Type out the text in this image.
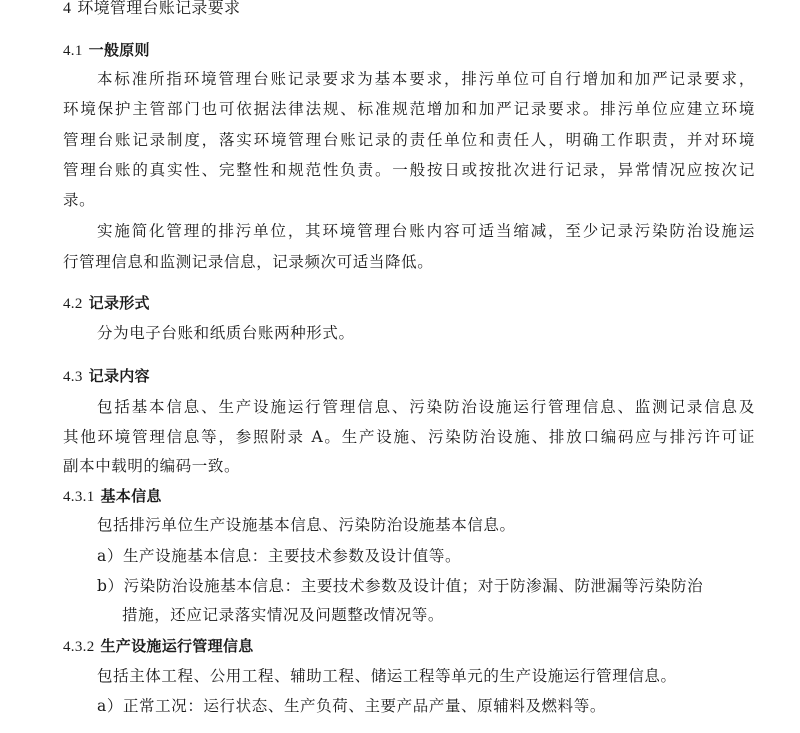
4 环境管理台账记录要求
4.1 一般原则
本标准所指环境管理台账记录要求为基本要求，排污单位可自行增加和加严记录要求，
环境保护主管部门也可依据法律法规、标准规范增加和加严记录要求。排污单位应建立环境
管理台账记录制度，落实环境管理台账记录的责任单位和责任人，明确工作职责，并对环境
管理台账的真实性、完整性和规范性负责。一般按日或按批次进行记录，异常情况应按次记
录。
实施简化管理的排污单位，其环境管理台账内容可适当缩减，至少记录污染防治设施运
行管理信息和监测记录信息，记录频次可适当降低。
4.2 记录形式
分为电子台账和纸质台账两种形式。
4.3 记录内容
包括基本信息、生产设施运行管理信息、污染防治设施运行管理信息、监测记录信息及
其他环境管理信息等，参照附录 A。生产设施、污染防治设施、排放口编码应与排污许可证
副本中载明的编码一致。
4.3.1 基本信息
包括排污单位生产设施基本信息、污染防治设施基本信息。
a）生产设施基本信息：主要技术参数及设计值等。
b）污染防治设施基本信息：主要技术参数及设计值；对于防渗漏、防泄漏等污染防治
措施，还应记录落实情况及问题整改情况等。
4.3.2 生产设施运行管理信息
包括主体工程、公用工程、辅助工程、储运工程等单元的生产设施运行管理信息。
a）正常工况：运行状态、生产负荷、主要产品产量、原辅料及燃料等。
